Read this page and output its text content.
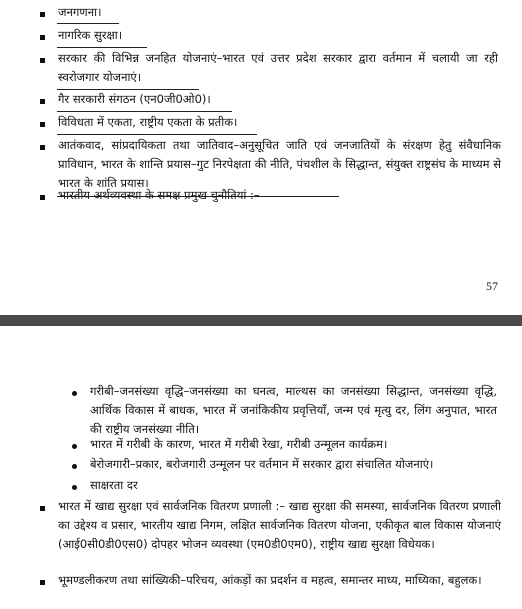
जनगणना।
नागरिक सुरक्षा।
सरकार की विभिन्न जनहित योजनाएं–भारत एवं उत्तर प्रदेश सरकार द्वारा वर्तमान में चलायी जा रही स्वरोजगार योजनाएं।
गैर सरकारी संगठन (एन0जी0ओ0)।
विविधता में एकता, राष्ट्रीय एकता के प्रतीक।
आतंकवाद, सांप्रदायिकता तथा जातिवाद–अनुसूचित जाति एवं जनजातियों के संरक्षण हेतु संवैधानिक प्राविधान, भारत के शान्ति प्रयास–गुट निरपेक्षता की नीति, पंचशील के सिद्धान्त, संयुक्त राष्ट्रसंघ के माध्यम से भारत के शांति प्रयास।
भारतीय अर्थव्यवस्था के समक्ष प्रमुख चुनौतियां :–
57
गरीबी–जनसंख्या वृद्धि–जनसंख्या का घनत्व, माल्थस का जनसंख्या सिद्धान्त, जनसंख्या वृद्धि, आर्थिक विकास में बाधक, भारत में जनांकिकीय प्रवृत्तियाँ, जन्म एवं मृत्यु दर, लिंग अनुपात, भारत की राष्ट्रीय जनसंख्या नीति।
भारत में गरीबी के कारण, भारत में गरीबी रेखा, गरीबी उन्मूलन कार्यक्रम।
बेरोजगारी–प्रकार, बरोजगारी उन्मूलन पर वर्तमान में सरकार द्वारा संचालित योजनाएं।
साक्षरता दर
भारत में खाद्य सुरक्षा एवं सार्वजनिक वितरण प्रणाली :– खाद्य सुरक्षा की समस्या, सार्वजनिक वितरण प्रणाली का उद्देश्य व प्रसार, भारतीय खाद्य निगम, लक्षित सार्वजनिक वितरण योजना, एकीकृत बाल विकास योजनाएं (आई0सी0डी0एस0) दोपहर भोजन व्यवस्था (एम0डी0एम0), राष्ट्रीय खाद्य सुरक्षा विधेयक।
भूमण्डलीकरण तथा सांख्यिकी–परिचय, आंकड़ों का प्रदर्शन व महत्व, समान्तर माध्य, माध्यिका, बहुलक।
